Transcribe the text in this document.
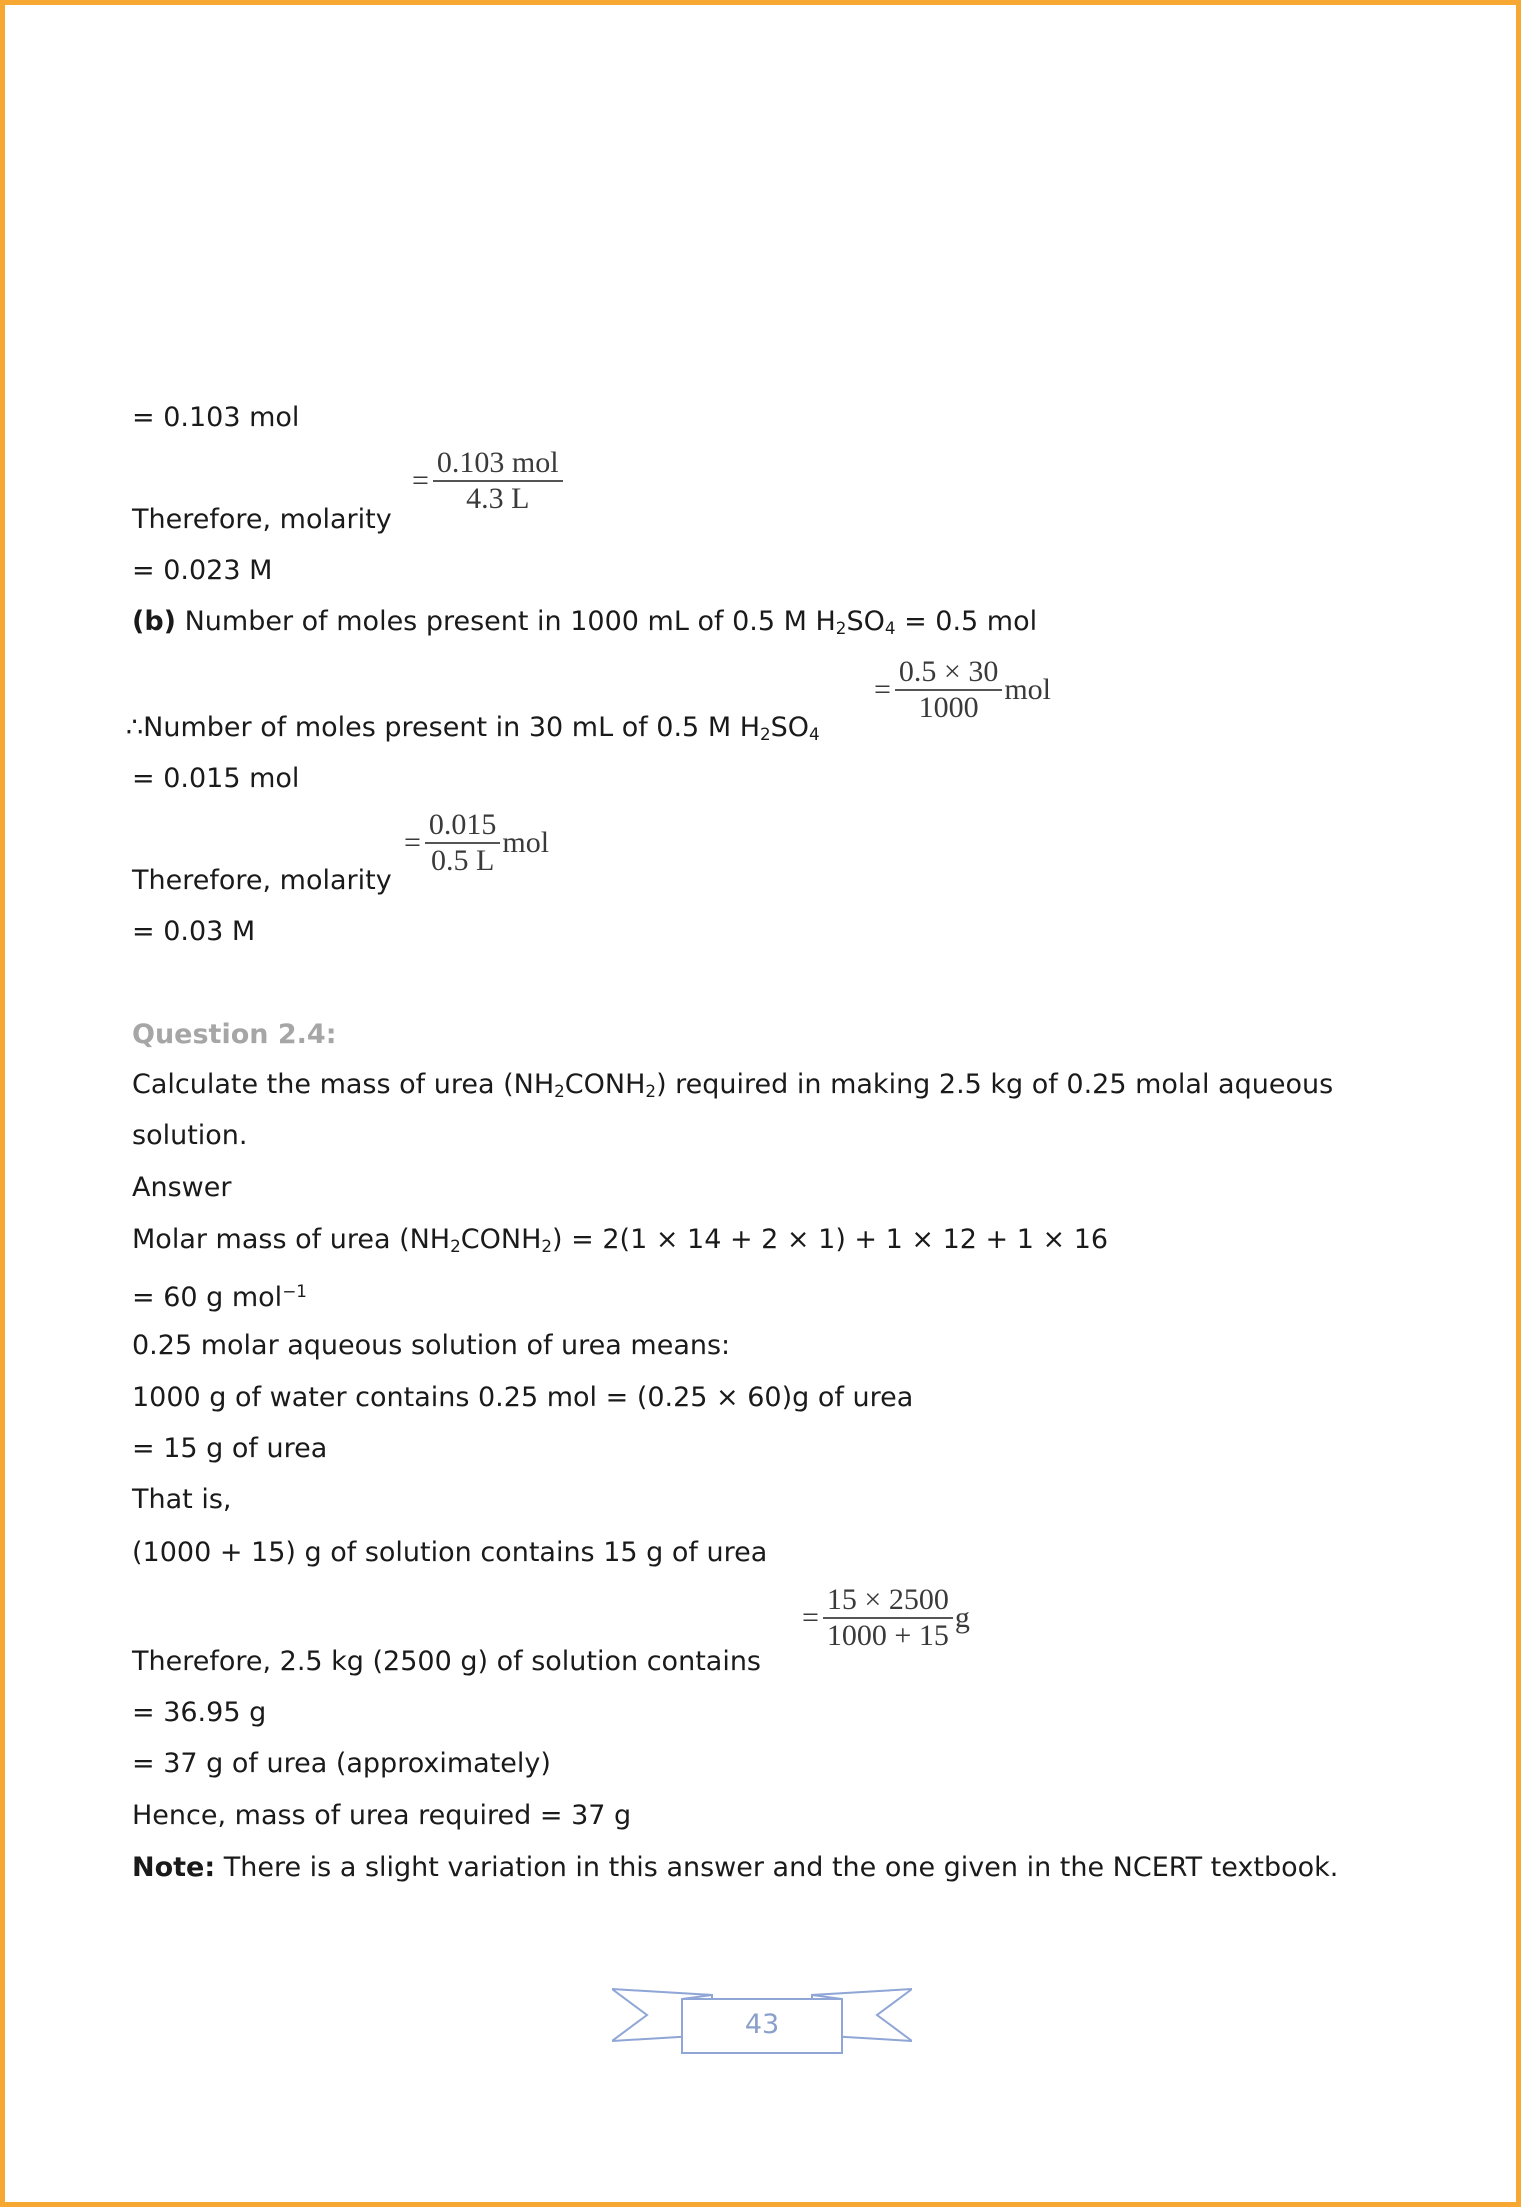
= 0.103 mol
= $\frac{\text{0.103 mol}}{4.3 L}$
Therefore, molarity
= 0.023 M
(b) Number of moles present in 1000 mL of 0.5 M $H_2SO_4 = 0.5$ mol
= $\frac{0.5 \times 30}{1000}$ mol
∴Number of moles present in 30 mL of 0.5 M $H_2SO_4$
= 0.015 mol
= $\frac{0.015}{0.5 L}$ mol
Therefore, molarity
= 0.03 M
Question 2.4:
Calculate the mass of urea $(NH_2CONH_2)$ required in making 2.5 kg of 0.25 molal aqueous
solution.
Answer
Molar mass of urea $(NH_2CONH_2) = 2(1 \times 14 + 2 \times 1) + 1 \times 12 + 1 \times 16$
= 60 g mol$^{-1}$
0.25 molar aqueous solution of urea means:
1000 g of water contains 0.25 mol = (0.25 × 60)g of urea
= 15 g of urea
That is,
(1000 + 15) g of solution contains 15 g of urea
= $\frac{15 \times 2500}{1000 + 15}$ g
Therefore, 2.5 kg (2500 g) of solution contains
= 36.95 g
= 37 g of urea (approximately)
Hence, mass of urea required = 37 g
Note: There is a slight variation in this answer and the one given in the NCERT textbook.
43
